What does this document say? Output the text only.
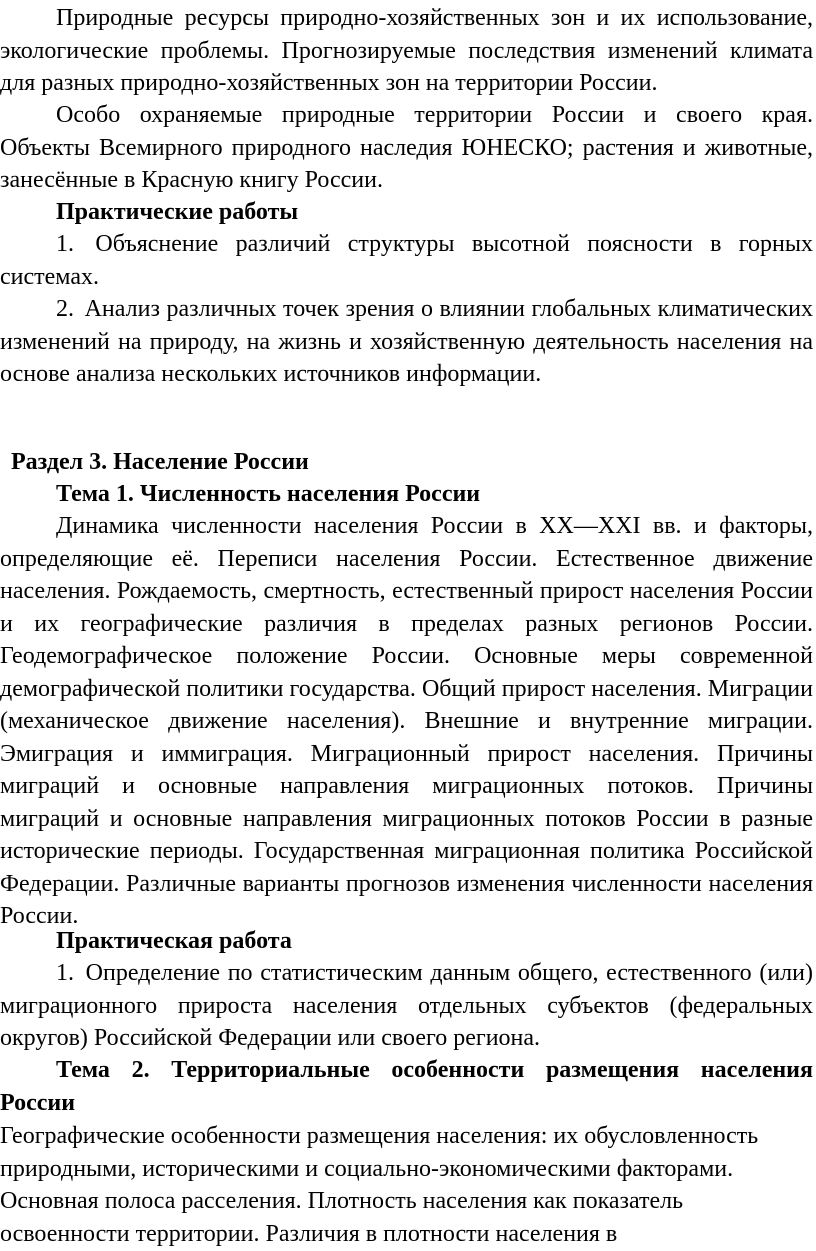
Природные ресурсы природно-хозяйственных зон и их использование, экологические проблемы. Прогнозируемые последствия изменений климата для разных природно-хозяйственных зон на территории России.

Особо охраняемые природные территории России и своего края. Объекты Всемирного природного наследия ЮНЕСКО; растения и животные, занесённые в Красную книгу России.

Практические работы

1. Объяснение различий структуры высотной поясности в горных системах.

2. Анализ различных точек зрения о влиянии глобальных климатических изменений на природу, на жизнь и хозяйственную деятельность населения на основе анализа нескольких источников информации.

Раздел 3. Население России

Тема 1. Численность населения России

Динамика численности населения России в XX—XXI вв. и факторы, определяющие её. Переписи населения России. Естественное движение населения. Рождаемость, смертность, естественный прирост населения России и их географические различия в пределах разных регионов России. Геодемографическое положение России. Основные меры современной демографической политики государства. Общий прирост населения. Миграции (механическое движение населения). Внешние и внутренние миграции. Эмиграция и иммиграция. Миграционный прирост населения. Причины миграций и основные направления миграционных потоков. Причины миграций и основные направления миграционных потоков России в разные исторические периоды. Государственная миграционная политика Российской Федерации. Различные варианты прогнозов изменения численности населения России.

Практическая работа

1. Определение по статистическим данным общего, естественного (или) миграционного прироста населения отдельных субъектов (федеральных округов) Российской Федерации или своего региона.

Тема 2. Территориальные особенности размещения населения России

Географические особенности размещения населения: их обусловленность
природными, историческими и социально-экономическими факторами.
Основная полоса расселения. Плотность населения как показатель
освоенности территории. Различия в плотности населения в
